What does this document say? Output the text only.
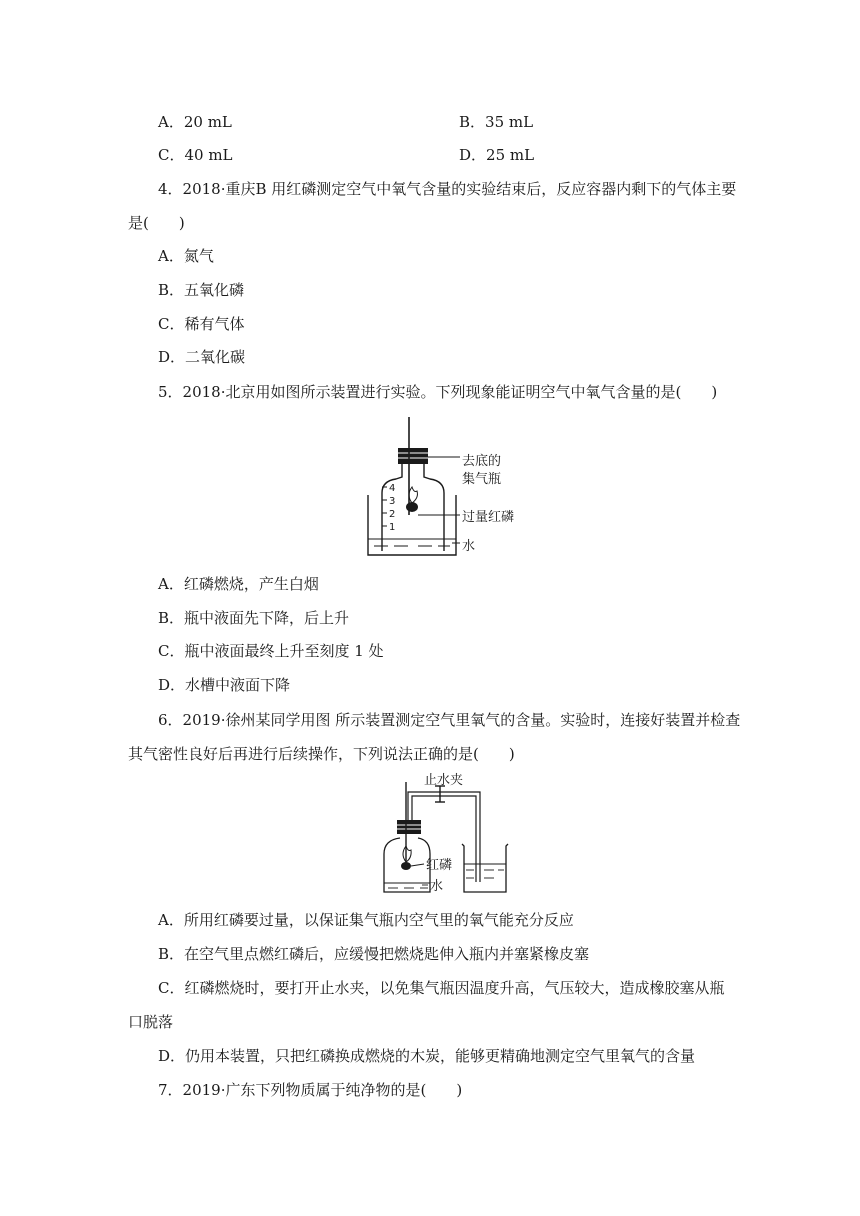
A．20 mL	B．35 mL
C．40 mL	D．25 mL
4．2018·重庆B 用红磷测定空气中氧气含量的实验结束后，反应容器内剩下的气体主要
是(　　)
A．氮气
B．五氧化磷
C．稀有气体
D．二氧化碳
5．2018·北京用如图所示装置进行实验。下列现象能证明空气中氧气含量的是(　　)
4
3
2
1
去底的
集气瓶
过量红磷
水
A．红磷燃烧，产生白烟
B．瓶中液面先下降，后上升
C．瓶中液面最终上升至刻度 1 处
D．水槽中液面下降
6．2019·徐州某同学用图 所示装置测定空气里氧气的含量。实验时，连接好装置并检查
其气密性良好后再进行后续操作，下列说法正确的是(　　)
止水夹
红磷
水
A．所用红磷要过量，以保证集气瓶内空气里的氧气能充分反应
B．在空气里点燃红磷后，应缓慢把燃烧匙伸入瓶内并塞紧橡皮塞
C．红磷燃烧时，要打开止水夹，以免集气瓶因温度升高，气压较大，造成橡胶塞从瓶
口脱落
D．仍用本装置，只把红磷换成燃烧的木炭，能够更精确地测定空气里氧气的含量
7．2019·广东下列物质属于纯净物的是(　　)
